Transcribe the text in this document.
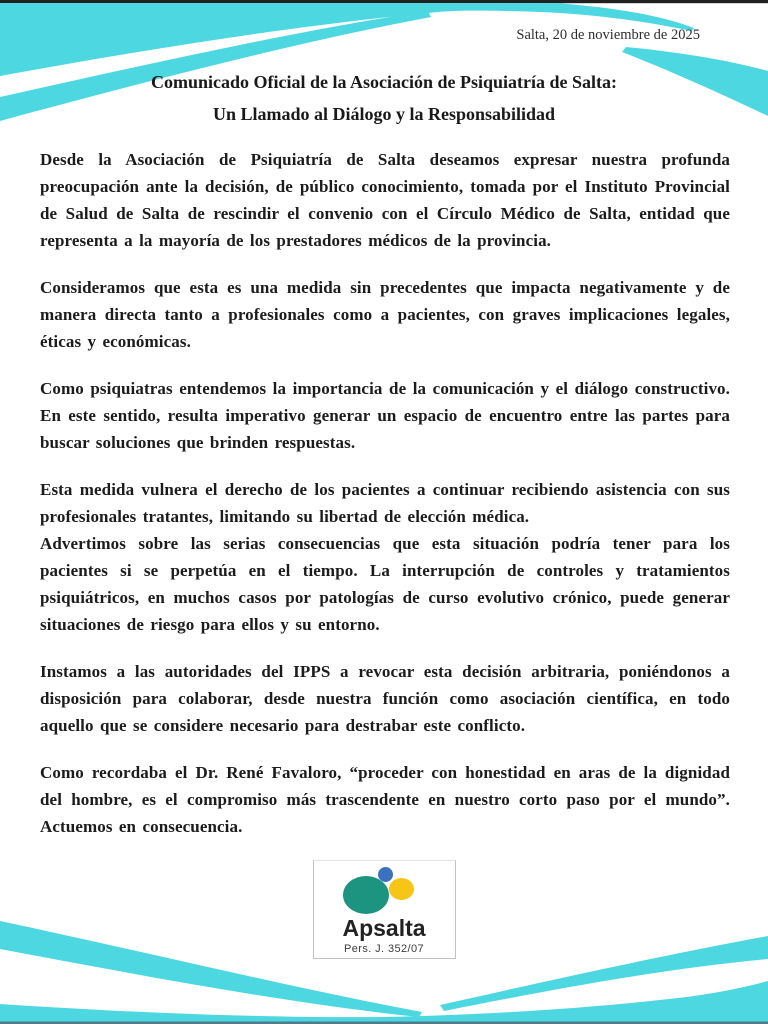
Salta, 20 de noviembre de 2025
Comunicado Oficial de la Asociación de Psiquiatría de Salta:
Un Llamado al Diálogo y la Responsabilidad

Desde la Asociación de Psiquiatría de Salta deseamos expresar nuestra profunda preocupación ante la decisión, de público conocimiento, tomada por el Instituto Provincial de Salud de Salta de rescindir el convenio con el Círculo Médico de Salta, entidad que representa a la mayoría de los prestadores médicos de la provincia.

Consideramos que esta es una medida sin precedentes que impacta negativamente y de manera directa tanto a profesionales como a pacientes, con graves implicaciones legales, éticas y económicas.

Como psiquiatras entendemos la importancia de la comunicación y el diálogo constructivo. En este sentido, resulta imperativo generar un espacio de encuentro entre las partes para buscar soluciones que brinden respuestas.

Esta medida vulnera el derecho de los pacientes a continuar recibiendo asistencia con sus profesionales tratantes, limitando su libertad de elección médica.

Advertimos sobre las serias consecuencias que esta situación podría tener para los pacientes si se perpetúa en el tiempo. La interrupción de controles y tratamientos psiquiátricos, en muchos casos por patologías de curso evolutivo crónico, puede generar situaciones de riesgo para ellos y su entorno.

Instamos a las autoridades del IPPS a revocar esta decisión arbitraria, poniéndonos a disposición para colaborar, desde nuestra función como asociación científica, en todo aquello que se considere necesario para destrabar este conflicto.

Como recordaba el Dr. René Favaloro, “proceder con honestidad en aras de la dignidad del hombre, es el compromiso más trascendente en nuestro corto paso por el mundo”. Actuemos en consecuencia.

Apsalta
Pers. J. 352/07
